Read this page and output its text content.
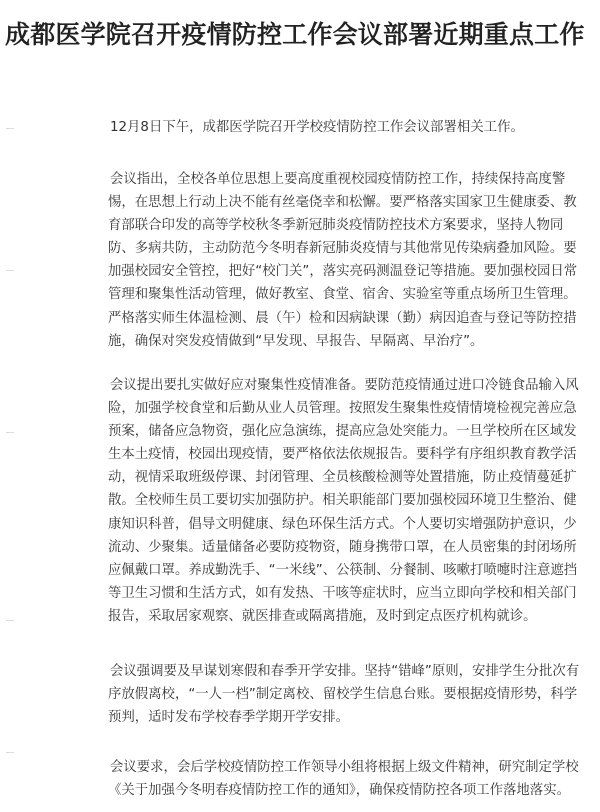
成都医学院召开疫情防控工作会议部署近期重点工作

12月8日下午，成都医学院召开学校疫情防控工作会议部署相关工作。

会议指出，全校各单位思想上要高度重视校园疫情防控工作，持续保持高度警惕，在思想上行动上决不能有丝毫侥幸和松懈。要严格落实国家卫生健康委、教育部联合印发的高等学校秋冬季新冠肺炎疫情防控技术方案要求，坚持人物同防、多病共防，主动防范今冬明春新冠肺炎疫情与其他常见传染病叠加风险。要加强校园安全管控，把好“校门关”，落实亮码测温登记等措施。要加强校园日常管理和聚集性活动管理，做好教室、食堂、宿舍、实验室等重点场所卫生管理。严格落实师生体温检测、晨（午）检和因病缺课（勤）病因追查与登记等防控措施，确保对突发疫情做到“早发现、早报告、早隔离、早治疗”。

会议提出要扎实做好应对聚集性疫情准备。要防范疫情通过进口冷链食品输入风险，加强学校食堂和后勤从业人员管理。按照发生聚集性疫情情境检视完善应急预案，储备应急物资，强化应急演练，提高应急处突能力。一旦学校所在区域发生本土疫情，校园出现疫情，要严格依法依规报告。要科学有序组织教育教学活动，视情采取班级停课、封闭管理、全员核酸检测等处置措施，防止疫情蔓延扩散。全校师生员工要切实加强防护。相关职能部门要加强校园环境卫生整治、健康知识科普，倡导文明健康、绿色环保生活方式。个人要切实增强防护意识，少流动、少聚集。适量储备必要防疫物资，随身携带口罩，在人员密集的封闭场所应佩戴口罩。养成勤洗手、“一米线”、公筷制、分餐制、咳嗽打喷嚏时注意遮挡等卫生习惯和生活方式，如有发热、干咳等症状时，应当立即向学校和相关部门报告，采取居家观察、就医排查或隔离措施，及时到定点医疗机构就诊。

会议强调要及早谋划寒假和春季开学安排。坚持“错峰”原则，安排学生分批次有序放假离校，“一人一档”制定离校、留校学生信息台账。要根据疫情形势，科学预判，适时发布学校春季学期开学安排。

会议要求，会后学校疫情防控工作领导小组将根据上级文件精神，研究制定学校《关于加强今冬明春疫情防控工作的通知》，确保疫情防控各项工作落地落实。
